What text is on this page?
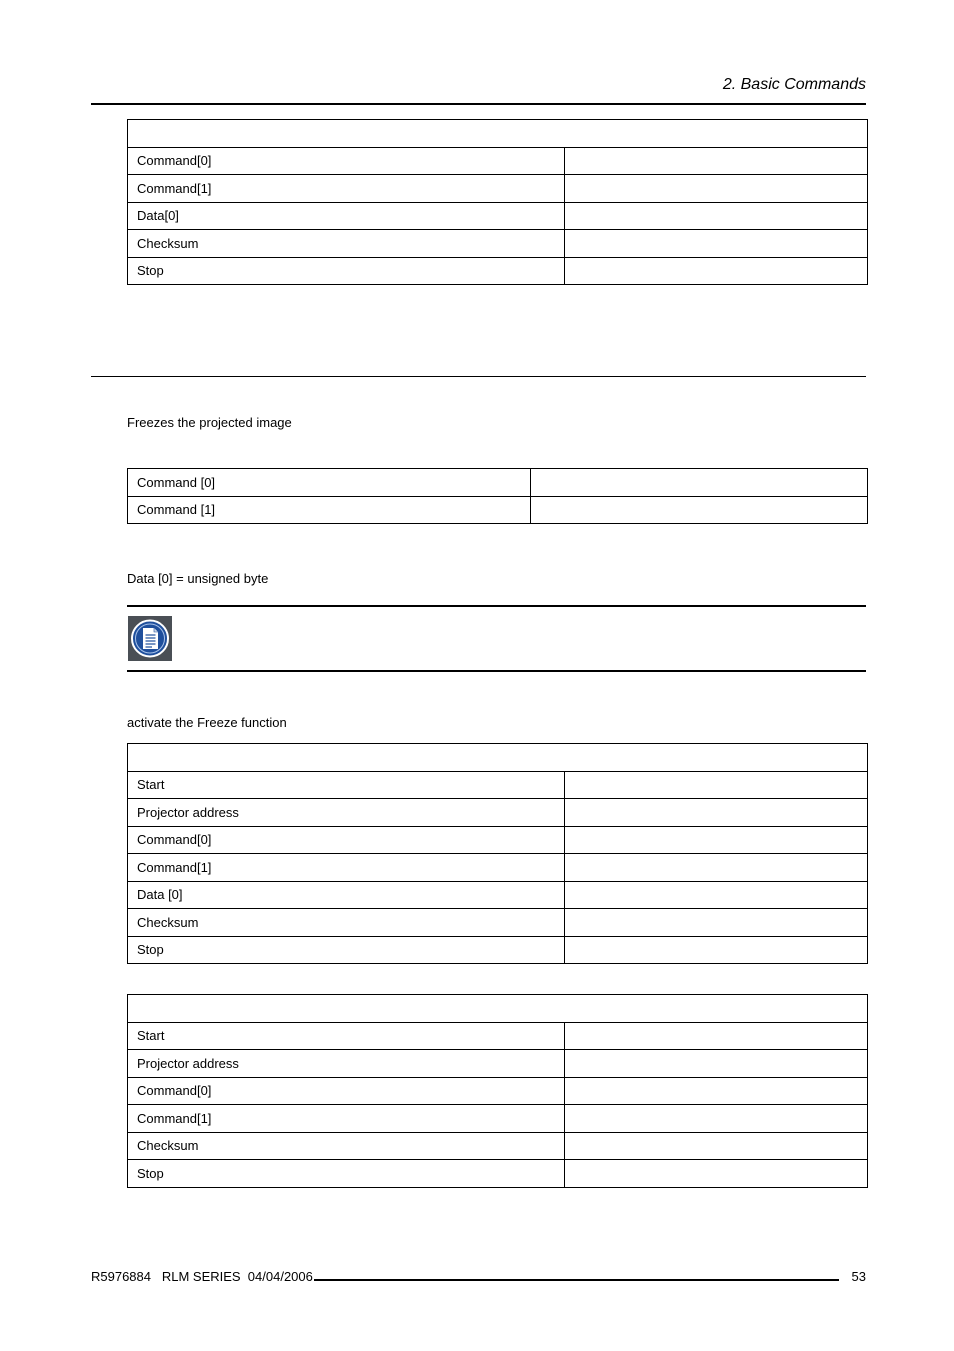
2. Basic Commands

Command[0]	
Command[1]	
Data[0]	
Checksum	
Stop	
Freezes the projected image
Command [0]	
Command [1]	
Data [0] = unsigned byte
activate the Freeze function

Start	
Projector address	
Command[0]	
Command[1]	
Data [0]	
Checksum	
Stop	

Start	
Projector address	
Command[0]	
Command[1]	
Checksum	
Stop	
R5976884   RLM SERIES  04/04/2006	53
